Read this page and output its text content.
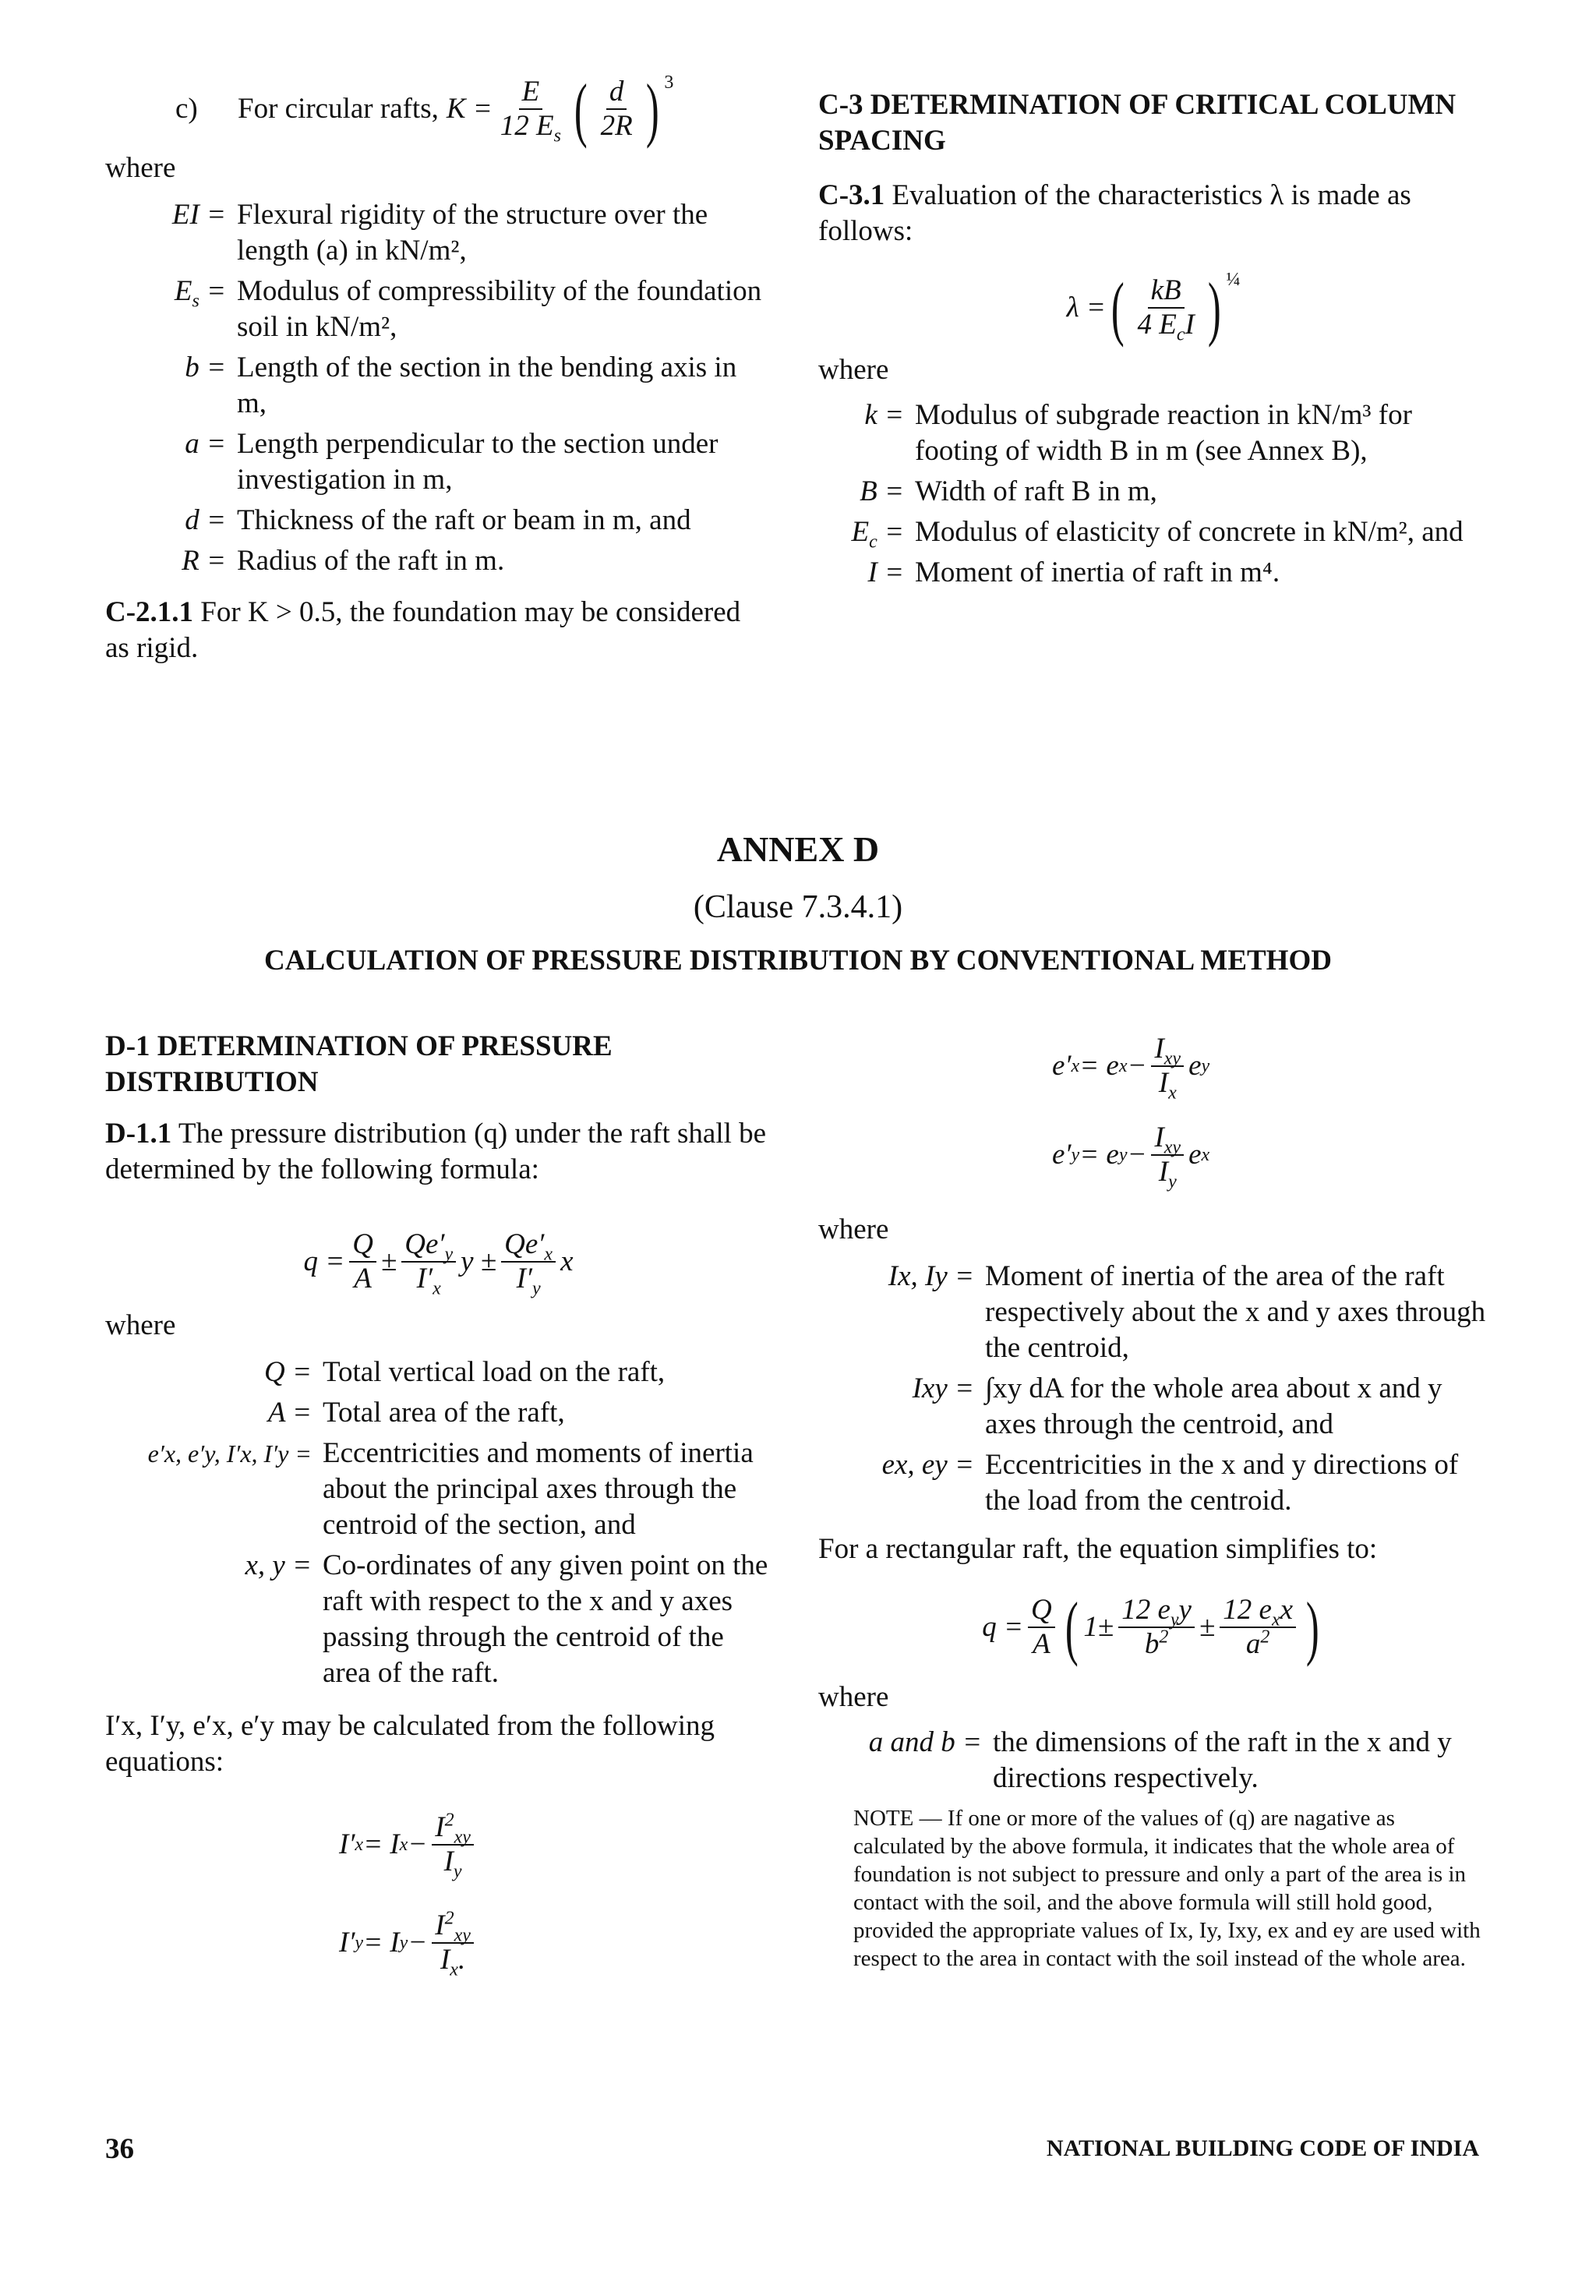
c)	For circular rafts, $K = \frac{E}{12 E_s}$ ( $\frac{d}{2R}$ ) $^3$
where
EI = Flexural rigidity of the structure over the length (a) in kN/m²,
$E_s$ = Modulus of compressibility of the foundation soil in kN/m²,
b = Length of the section in the bending axis in m,
a = Length perpendicular to the section under investigation in m,
d = Thickness of the raft or beam in m, and
R = Radius of the raft in m.
C-2.1.1 For K > 0.5, the foundation may be considered as rigid.
C-3 DETERMINATION OF CRITICAL COLUMN SPACING
C-3.1 Evaluation of the characteristics λ is made as follows:
λ = ( $\frac{kB}{4 E_cI}$ ) $^{\frac{1}{4}}$
where
k = Modulus of subgrade reaction in kN/m³ for footing of width B in m (see Annex B),
B = Width of raft B in m,
$E_c$ = Modulus of elasticity of concrete in kN/m², and
I = Moment of inertia of raft in m⁴.
ANNEX D
(Clause 7.3.4.1)
CALCULATION OF PRESSURE DISTRIBUTION BY CONVENTIONAL METHOD
D-1 DETERMINATION OF PRESSURE DISTRIBUTION
D-1.1 The pressure distribution (q) under the raft shall be determined by the following formula:
$q = \frac{Q}{A} \pm \frac{Qe'_y}{I'_x}$ $y \pm \frac{Qe'_x}{I'_y}$ x
where
Q = Total vertical load on the raft,
A = Total area of the raft,
e′x, e′y, I′x, I′y = Eccentricities and moments of inertia about the principal axes through the centroid of the section, and
x, y = Co-ordinates of any given point on the raft with respect to the x and y axes passing through the centroid of the area of the raft.
I′x, I′y, e′x, e′y may be calculated from the following equations:
I′ x = I $x - \frac{I^2_{xy}}{I_y}$
I′ y = I $y - \frac{I^2_{xy}}{I_x.}$
e′ x = e $x - \frac{I_{xy}}{I_x}$ e y
e′ y = e $y - \frac{I_{xy}}{I_y}$ e x
where
Ix, Iy = Moment of inertia of the area of the raft respectively about the x and y axes through the centroid,
Ixy = ∫xy dA for the whole area about x and y axes through the centroid, and
ex, ey = Eccentricities in the x and y directions of the load from the centroid.
For a rectangular raft, the equation simplifies to:
$q = \frac{Q}{A}$ ( $1\pm \frac{12 e_yy}{b^2} \pm \frac{12 e_xx}{a^2}$ )
where
a and b = the dimensions of the raft in the x and y directions respectively.
NOTE — If one or more of the values of (q) are nagative as calculated by the above formula, it indicates that the whole area of foundation is not subject to pressure and only a part of the area is in contact with the soil, and the above formula will still hold good, provided the appropriate values of Ix, Iy, Ixy, ex and ey are used with respect to the area in contact with the soil instead of the whole area.
36	NATIONAL BUILDING CODE OF INDIA
